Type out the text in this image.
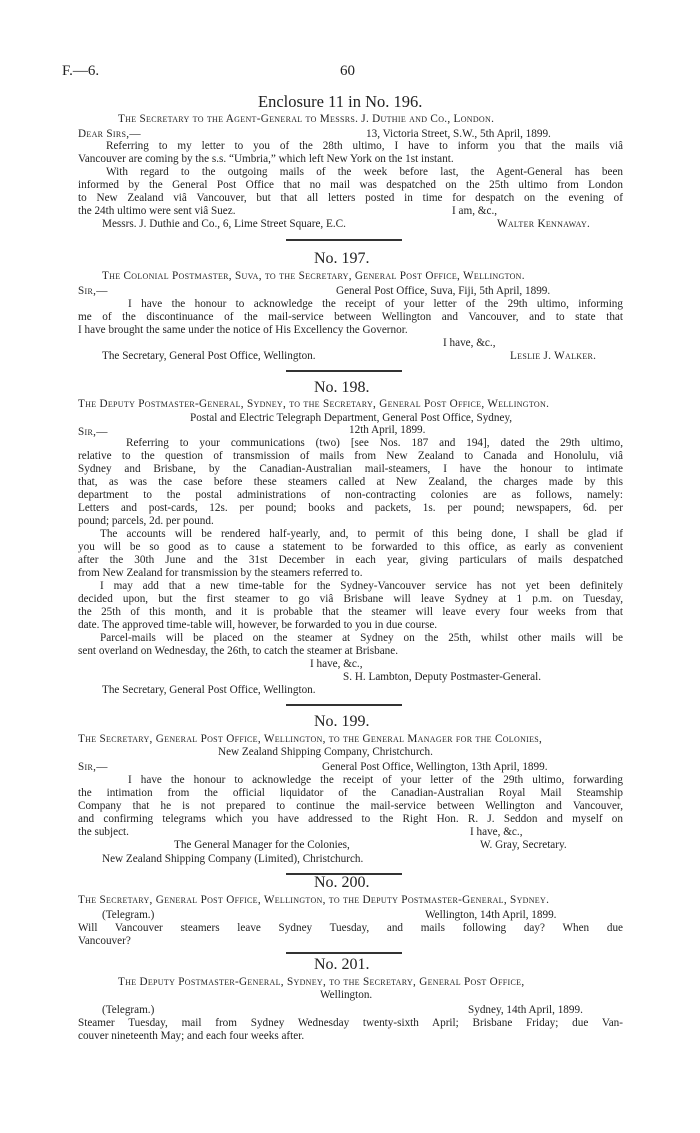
F.—6.	60
Enclosure 11 in No. 196.
The Secretary to the Agent-General to Messrs. J. Duthie and Co., London.
Dear Sirs,—	13, Victoria Street, S.W., 5th April, 1899.
Referring to my letter to you of the 28th ultimo, I have to inform you that the mails viâ
Vancouver are coming by the s.s. “Umbria,” which left New York on the 1st instant.
With regard to the outgoing mails of the week before last, the Agent-General has been
informed by the General Post Office that no mail was despatched on the 25th ultimo from London
to New Zealand viâ Vancouver, but that all letters posted in time for despatch on the evening of
the 24th ultimo were sent viâ Suez.	I am, &c.,
Messrs. J. Duthie and Co., 6, Lime Street Square, E.C.	Walter Kennaway.
No. 197.
The Colonial Postmaster, Suva, to the Secretary, General Post Office, Wellington.
Sir,—	General Post Office, Suva, Fiji, 5th April, 1899.
I have the honour to acknowledge the receipt of your letter of the 29th ultimo, informing
me of the discontinuance of the mail-service between Wellington and Vancouver, and to state that
I have brought the same under the notice of His Excellency the Governor.
I have, &c.,
The Secretary, General Post Office, Wellington.	Leslie J. Walker.
No. 198.
The Deputy Postmaster-General, Sydney, to the Secretary, General Post Office, Wellington.
Postal and Electric Telegraph Department, General Post Office, Sydney,
Sir,—	12th April, 1899.
Referring to your communications (two) [see Nos. 187 and 194], dated the 29th ultimo,
relative to the question of transmission of mails from New Zealand to Canada and Honolulu, viâ
Sydney and Brisbane, by the Canadian-Australian mail-steamers, I have the honour to intimate
that, as was the case before these steamers called at New Zealand, the charges made by this
department to the postal administrations of non-contracting colonies are as follows, namely:
Letters and post-cards, 12s. per pound; books and packets, 1s. per pound; newspapers, 6d. per
pound; parcels, 2d. per pound.
The accounts will be rendered half-yearly, and, to permit of this being done, I shall be glad if
you will be so good as to cause a statement to be forwarded to this office, as early as convenient
after the 30th June and the 31st December in each year, giving particulars of mails despatched
from New Zealand for transmission by the steamers referred to.
I may add that a new time-table for the Sydney-Vancouver service has not yet been definitely
decided upon, but the first steamer to go viâ Brisbane will leave Sydney at 1 p.m. on Tuesday,
the 25th of this month, and it is probable that the steamer will leave every four weeks from that
date. The approved time-table will, however, be forwarded to you in due course.
Parcel-mails will be placed on the steamer at Sydney on the 25th, whilst other mails will be
sent overland on Wednesday, the 26th, to catch the steamer at Brisbane.
I have, &c.,
S. H. Lambton, Deputy Postmaster-General.
The Secretary, General Post Office, Wellington.
No. 199.
The Secretary, General Post Office, Wellington, to the General Manager for the Colonies,
New Zealand Shipping Company, Christchurch.
Sir,—	General Post Office, Wellington, 13th April, 1899.
I have the honour to acknowledge the receipt of your letter of the 29th ultimo, forwarding
the intimation from the official liquidator of the Canadian-Australian Royal Mail Steamship
Company that he is not prepared to continue the mail-service between Wellington and Vancouver,
and confirming telegrams which you have addressed to the Right Hon. R. J. Seddon and myself on
the subject.	I have, &c.,
The General Manager for the Colonies,	W. Gray, Secretary.
New Zealand Shipping Company (Limited), Christchurch.
No. 200.
The Secretary, General Post Office, Wellington, to the Deputy Postmaster-General, Sydney.
(Telegram.)	Wellington, 14th April, 1899.
Will Vancouver steamers leave Sydney Tuesday, and mails following day? When due
Vancouver?
No. 201.
The Deputy Postmaster-General, Sydney, to the Secretary, General Post Office,
Wellington.
(Telegram.)	Sydney, 14th April, 1899.
Steamer Tuesday, mail from Sydney Wednesday twenty-sixth April; Brisbane Friday; due Van-
couver nineteenth May; and each four weeks after.
